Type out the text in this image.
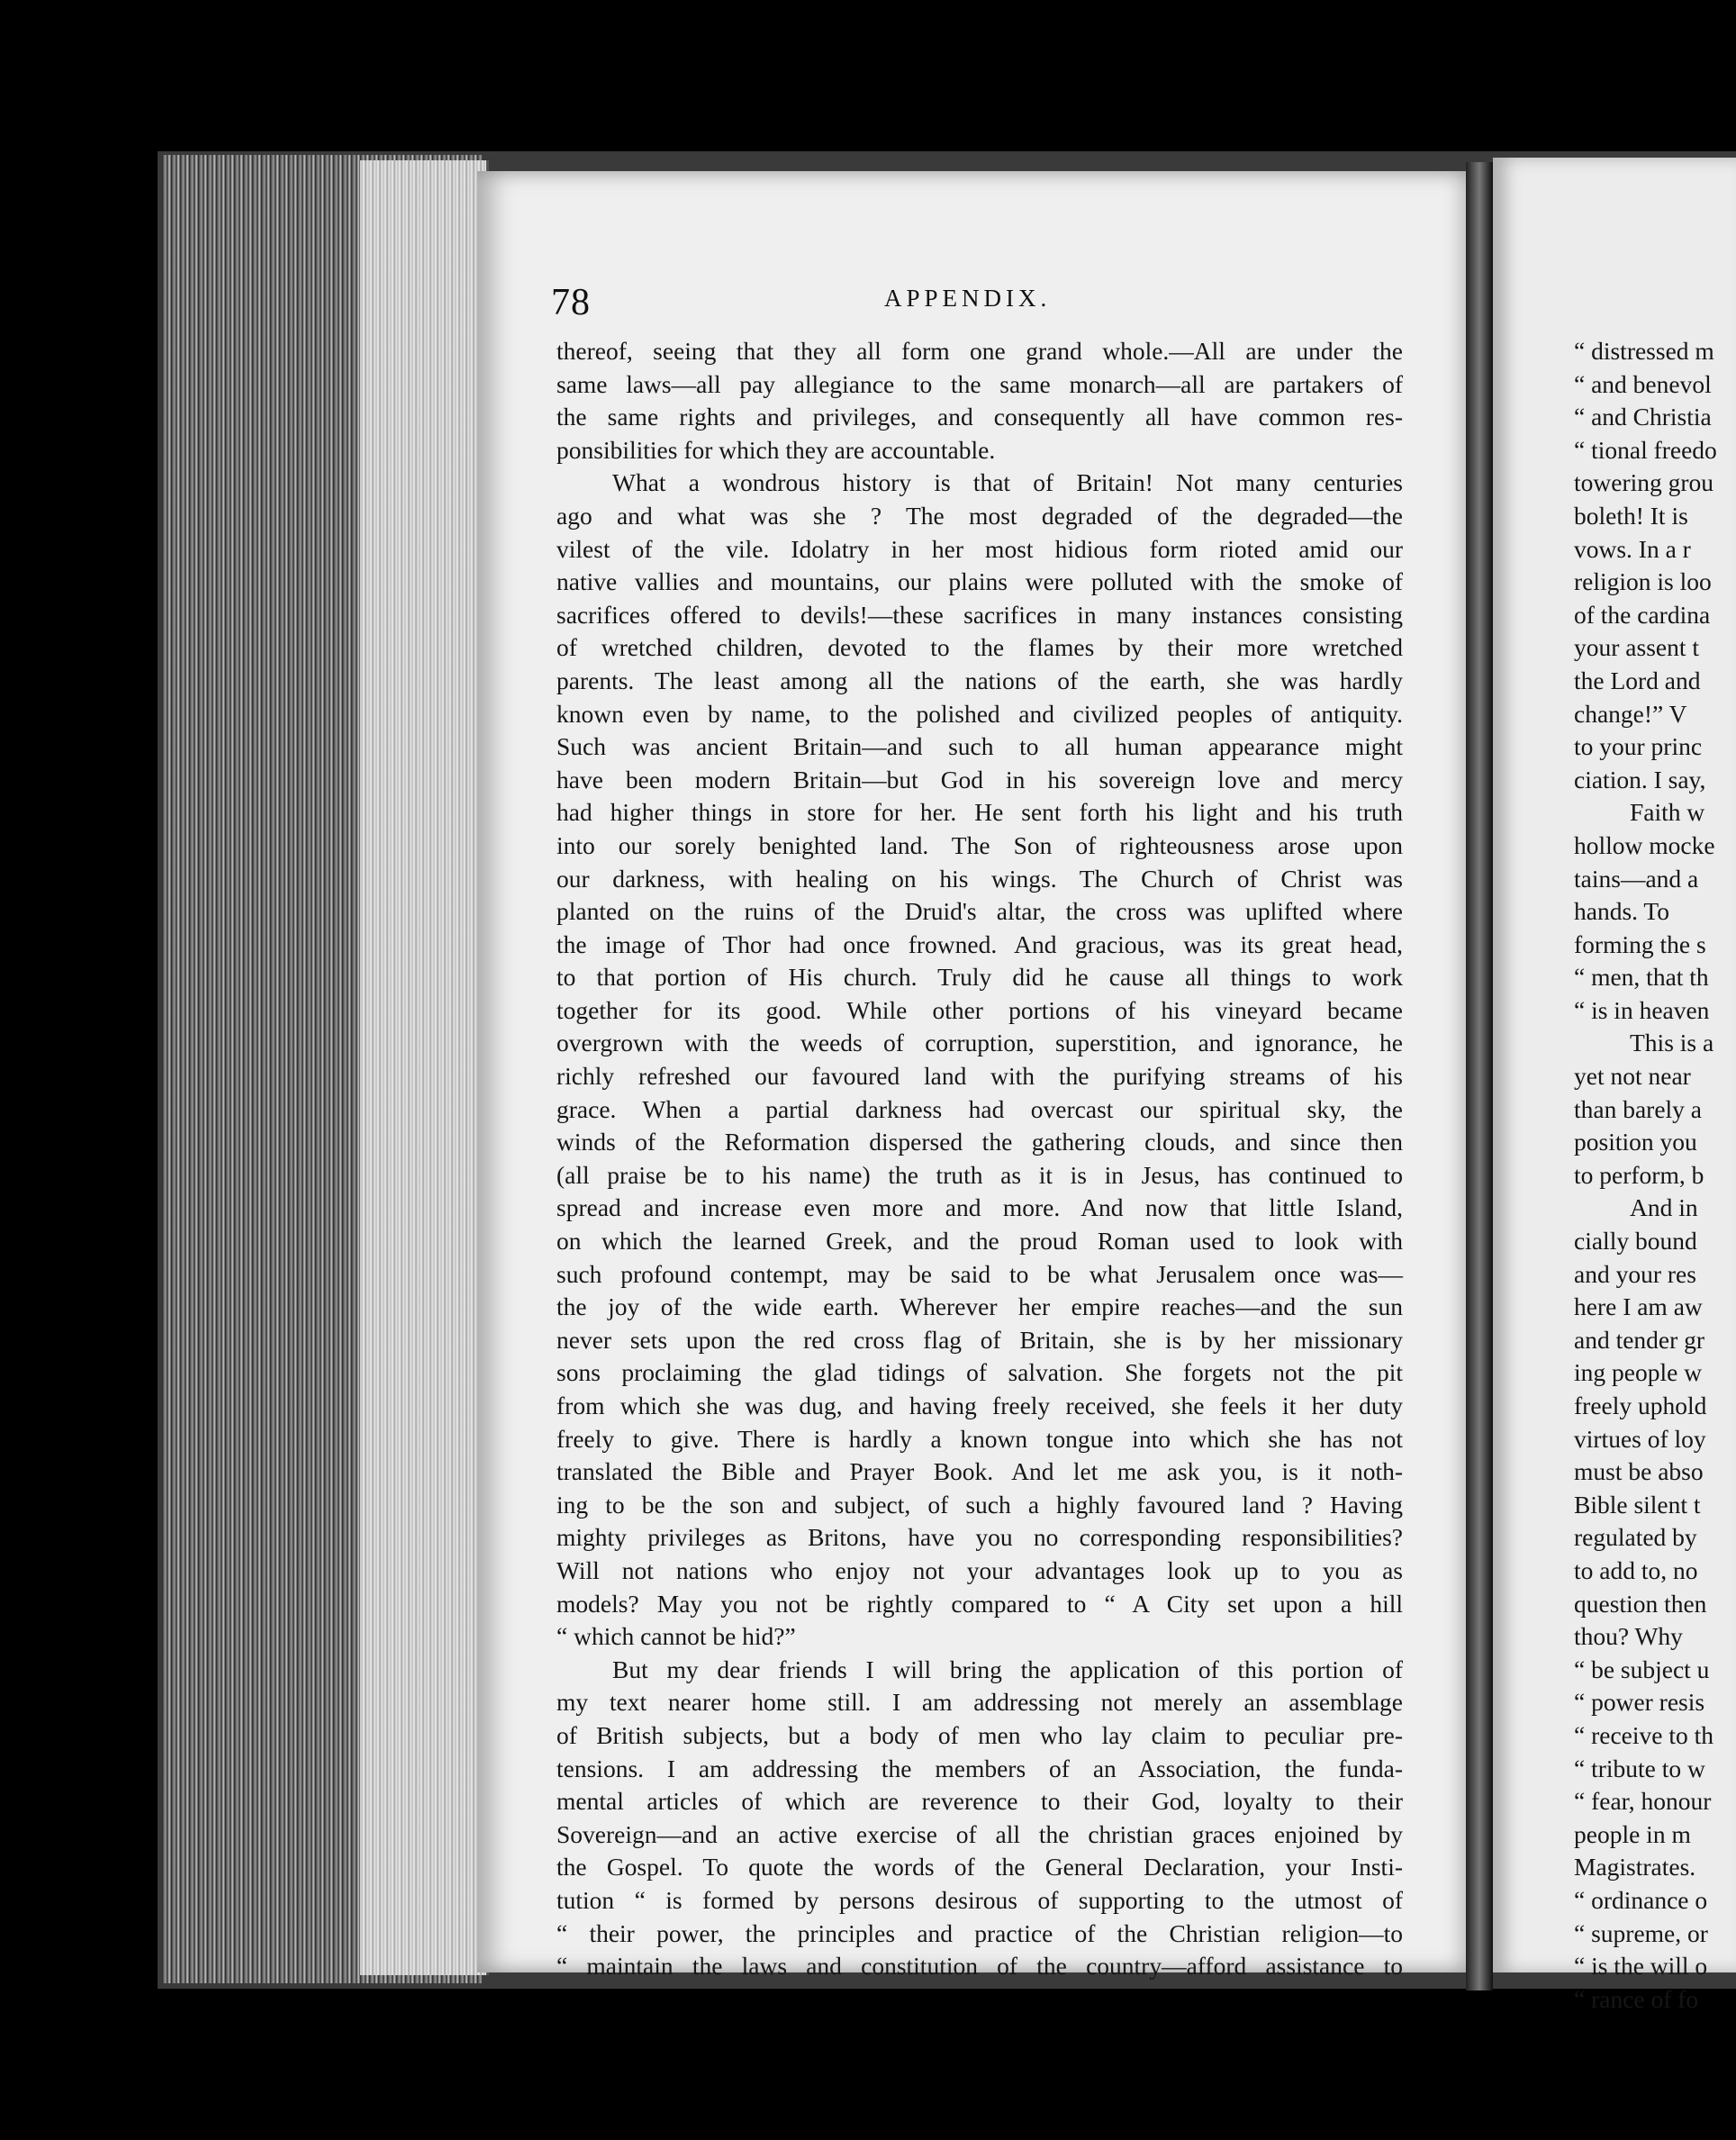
78	APPENDIX.
thereof, seeing that they all form one grand whole.—All are under the
same laws—all pay allegiance to the same monarch—all are partakers of
the same rights and privileges, and consequently all have common res-
ponsibilities for which they are accountable.
What a wondrous history is that of Britain! Not many centuries
ago and what was she ? The most degraded of the degraded—the
vilest of the vile. Idolatry in her most hidious form rioted amid our
native vallies and mountains, our plains were polluted with the smoke of
sacrifices offered to devils!—these sacrifices in many instances consisting
of wretched children, devoted to the flames by their more wretched
parents. The least among all the nations of the earth, she was hardly
known even by name, to the polished and civilized peoples of antiquity.
Such was ancient Britain—and such to all human appearance might
have been modern Britain—but God in his sovereign love and mercy
had higher things in store for her. He sent forth his light and his truth
into our sorely benighted land. The Son of righteousness arose upon
our darkness, with healing on his wings. The Church of Christ was
planted on the ruins of the Druid's altar, the cross was uplifted where
the image of Thor had once frowned. And gracious, was its great head,
to that portion of His church. Truly did he cause all things to work
together for its good. While other portions of his vineyard became
overgrown with the weeds of corruption, superstition, and ignorance, he
richly refreshed our favoured land with the purifying streams of his
grace. When a partial darkness had overcast our spiritual sky, the
winds of the Reformation dispersed the gathering clouds, and since then
(all praise be to his name) the truth as it is in Jesus, has continued to
spread and increase even more and more. And now that little Island,
on which the learned Greek, and the proud Roman used to look with
such profound contempt, may be said to be what Jerusalem once was—
the joy of the wide earth. Wherever her empire reaches—and the sun
never sets upon the red cross flag of Britain, she is by her missionary
sons proclaiming the glad tidings of salvation. She forgets not the pit
from which she was dug, and having freely received, she feels it her duty
freely to give. There is hardly a known tongue into which she has not
translated the Bible and Prayer Book. And let me ask you, is it noth-
ing to be the son and subject, of such a highly favoured land ? Having
mighty privileges as Britons, have you no corresponding responsibilities?
Will not nations who enjoy not your advantages look up to you as
models? May you not be rightly compared to “ A City set upon a hill
“ which cannot be hid?”
But my dear friends I will bring the application of this portion of
my text nearer home still. I am addressing not merely an assemblage
of British subjects, but a body of men who lay claim to peculiar pre-
tensions. I am addressing the members of an Association, the funda-
mental articles of which are reverence to their God, loyalty to their
Sovereign—and an active exercise of all the christian graces enjoined by
the Gospel. To quote the words of the General Declaration, your Insti-
tution “ is formed by persons desirous of supporting to the utmost of
“ their power, the principles and practice of the Christian religion—to
“ maintain the laws and constitution of the country—afford assistance to
“ distressed m
“ and benevol
“ and Christia
“ tional freedo
towering grou
boleth! It is
vows. In a r
religion is loo
of the cardina
your assent t
the Lord and
change!” V
to your princ
ciation. I say,
Faith w
hollow mocke
tains—and a
hands. To
forming the s
“ men, that th
“ is in heaven
This is a
yet not near
than barely a
position you
to perform, b
And in
cially bound
and your res
here I am aw
and tender gr
ing people w
freely uphold
virtues of loy
must be abso
Bible silent t
regulated by
to add to, no
question then
thou? Why
“ be subject u
“ power resis
“ receive to th
“ tribute to w
“ fear, honour
people in m
Magistrates.
“ ordinance o
“ supreme, or
“ is the will o
“ rance of fo
